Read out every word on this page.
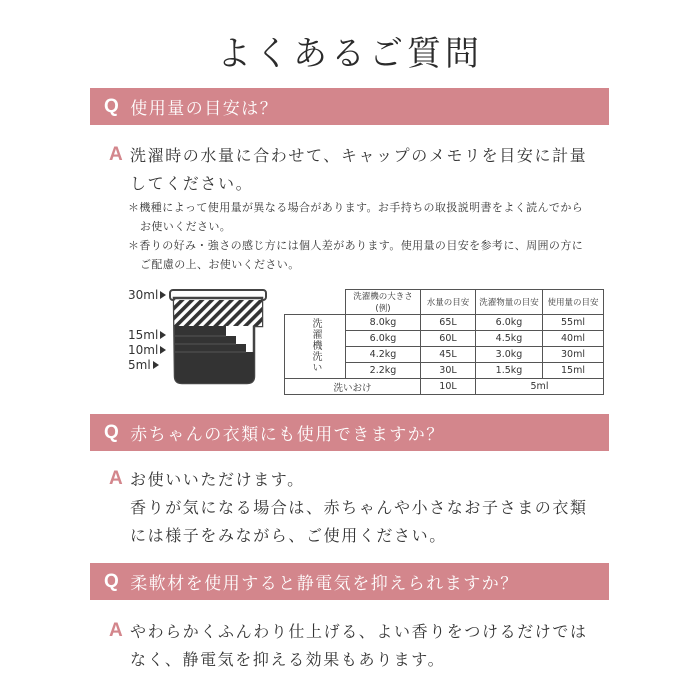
よくあるご質問
Q 使用量の目安は？
A 洗濯時の水量に合わせて、キャップのメモリを目安に計量
してください。
＊機種によって使用量が異なる場合があります。お手持ちの取扱説明書をよく読んでから
お使いください。
＊香りの好み・強さの感じ方には個人差があります。使用量の目安を参考に、周囲の方に
ご配慮の上、お使いください。
30ml
15ml
10ml
5ml
	洗濯機の大きさ(例)	水量の目安	洗濯物量の目安	使用量の目安
洗濯機洗い	8.0kg	65L	6.0kg	55ml
	6.0kg	60L	4.5kg	40ml
	4.2kg	45L	3.0kg	30ml
	2.2kg	30L	1.5kg	15ml
洗いおけ		10L	5ml	
Q 赤ちゃんの衣類にも使用できますか？
A お使いいただけます。
香りが気になる場合は、赤ちゃんや小さなお子さまの衣類
には様子をみながら、ご使用ください。
Q 柔軟材を使用すると静電気を抑えられますか？
A やわらかくふんわり仕上げる、よい香りをつけるだけでは
なく、静電気を抑える効果もあります。
